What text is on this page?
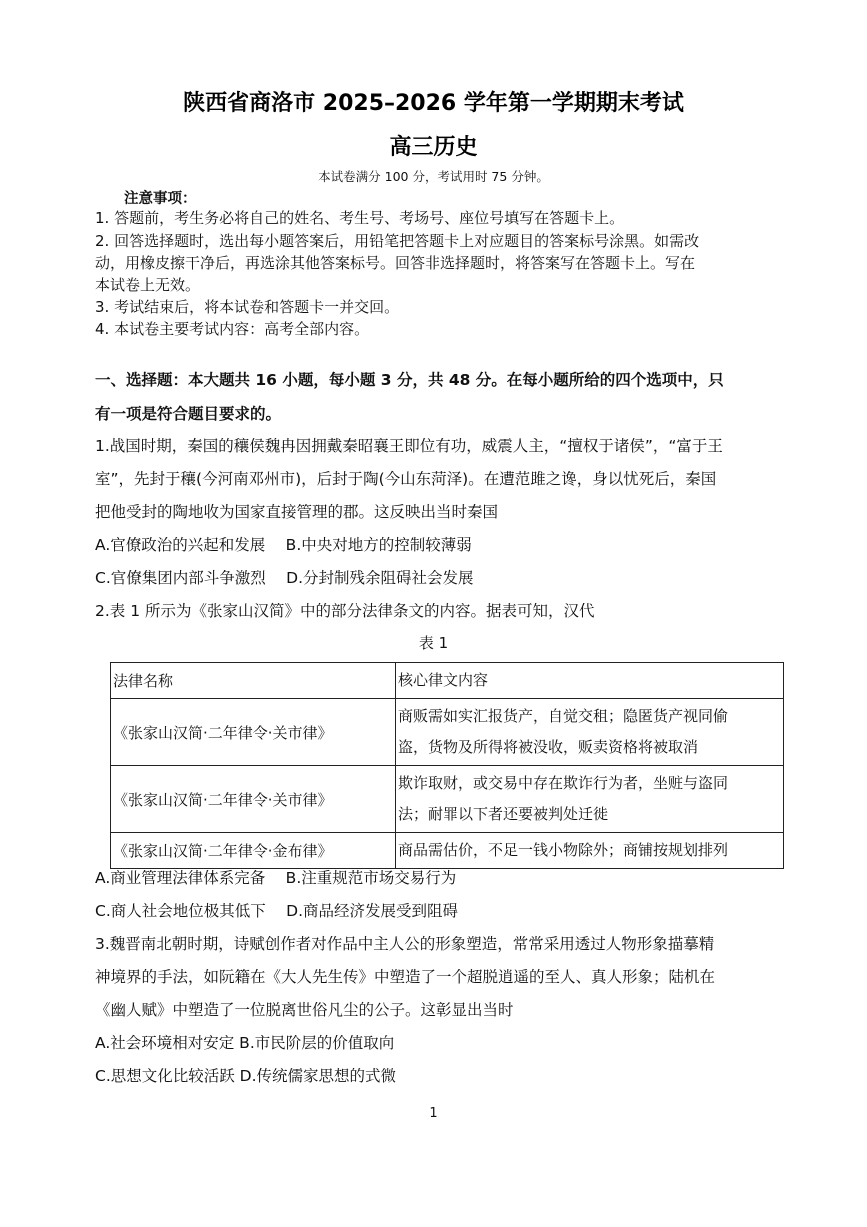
陕西省商洛市 2025–2026 学年第一学期期末考试
高三历史
本试卷满分 100 分，考试用时 75 分钟。
注意事项：
1. 答题前，考生务必将自己的姓名、考生号、考场号、座位号填写在答题卡上。
2. 回答选择题时，选出每小题答案后，用铅笔把答题卡上对应题目的答案标号涂黑。如需改
动，用橡皮擦干净后，再选涂其他答案标号。回答非选择题时，将答案写在答题卡上。写在
本试卷上无效。
3. 考试结束后，将本试卷和答题卡一并交回。
4. 本试卷主要考试内容：高考全部内容。
一、选择题：本大题共 16 小题，每小题 3 分，共 48 分。在每小题所给的四个选项中，只
有一项是符合题目要求的。
1.战国时期，秦国的穰侯魏冉因拥戴秦昭襄王即位有功，威震人主，“擅权于诸侯”，“富于王
室”，先封于穰(今河南邓州市)，后封于陶(今山东菏泽)。在遭范雎之谗，身以忧死后，秦国
把他受封的陶地收为国家直接管理的郡。这反映出当时秦国
A.官僚政治的兴起和发展　 B.中央对地方的控制较薄弱
C.官僚集团内部斗争激烈　 D.分封制残余阻碍社会发展
2.表 1 所示为《张家山汉简》中的部分法律条文的内容。据表可知，汉代
表 1
法律名称	核心律文内容
《张家山汉简·二年律令·关市律》	商贩需如实汇报货产，自觉交租；隐匿货产视同偷
盗，货物及所得将被没收，贩卖资格将被取消

《张家山汉简·二年律令·关市律》	欺诈取财，或交易中存在欺诈行为者，坐赃与盗同
法；耐罪以下者还要被判处迁徙

《张家山汉简·二年律令·金布律》	商品需估价，不足一钱小物除外；商铺按规划排列
A.商业管理法律体系完备　 B.注重规范市场交易行为
C.商人社会地位极其低下　 D.商品经济发展受到阻碍
3.魏晋南北朝时期，诗赋创作者对作品中主人公的形象塑造，常常采用透过人物形象描摹精
神境界的手法，如阮籍在《大人先生传》中塑造了一个超脱逍遥的至人、真人形象；陆机在
《幽人赋》中塑造了一位脱离世俗凡尘的公子。这彰显出当时
A.社会环境相对安定 B.市民阶层的价值取向
C.思想文化比较活跃 D.传统儒家思想的式微
1
